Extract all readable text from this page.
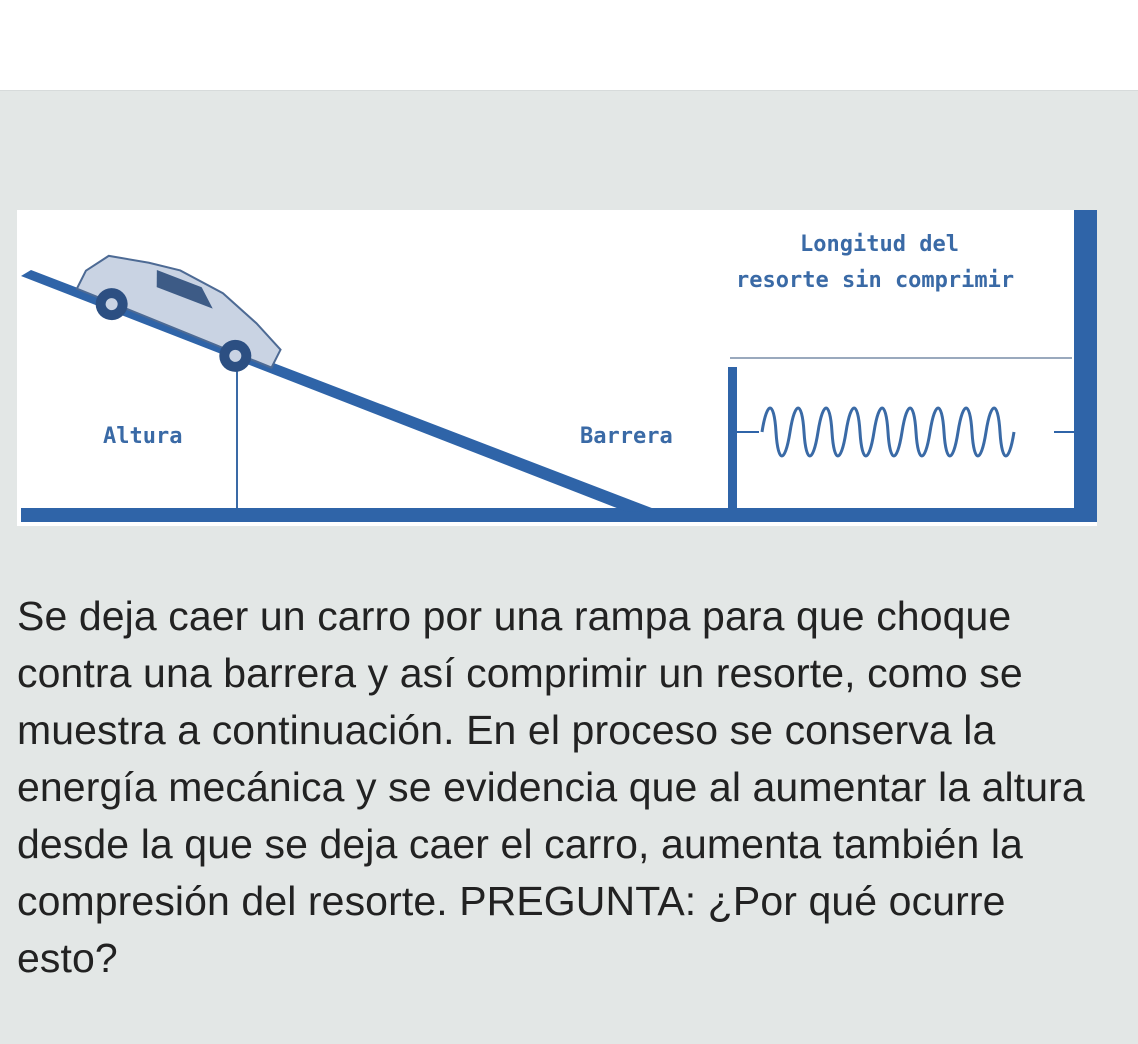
Longitud del
resorte sin comprimir
Altura	Barrera

Se deja caer un carro por una rampa para que choque contra una barrera y así comprimir un resorte, como se muestra a continuación. En el proceso se conserva la energía mecánica y se evidencia que al aumentar la altura desde la que se deja caer el carro, aumenta también la compresión del resorte. PREGUNTA: ¿Por qué ocurre esto?
